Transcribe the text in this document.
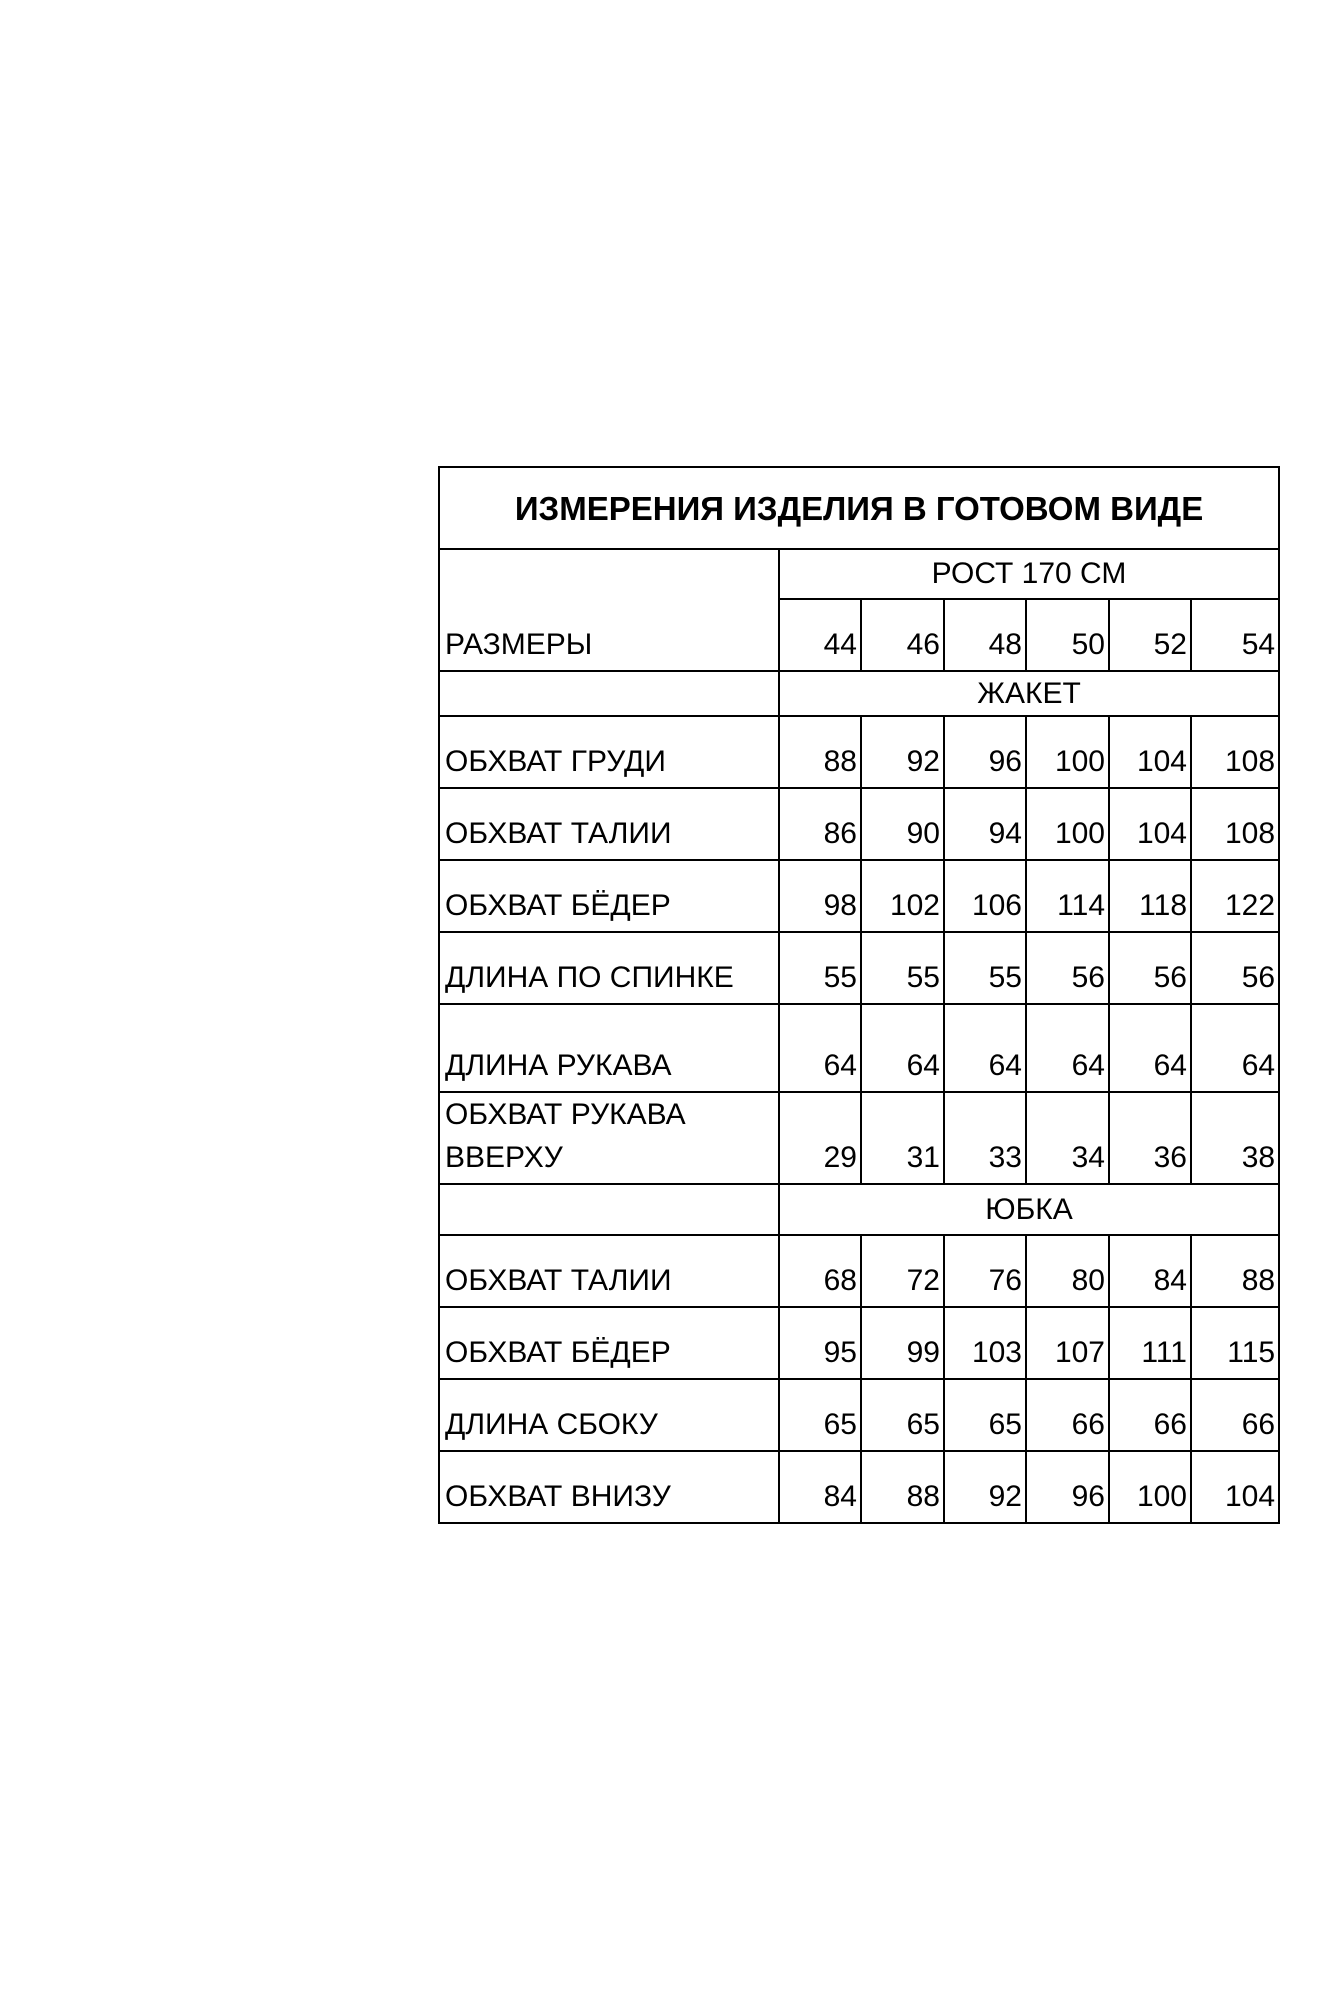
ИЗМЕРЕНИЯ ИЗДЕЛИЯ В ГОТОВОМ ВИДЕ						
РАЗМЕРЫ	РОСТ 170 СМ					
	44	46	48	50	52	54
	ЖАКЕТ					
ОБХВАТ ГРУДИ	88	92	96	100	104	108
ОБХВАТ ТАЛИИ	86	90	94	100	104	108
ОБХВАТ БЁДЕР	98	102	106	114	118	122
ДЛИНА ПО СПИНКЕ	55	55	55	56	56	56
ДЛИНА РУКАВА	64	64	64	64	64	64
ОБХВАТ РУКАВА ВВЕРХУ	29	31	33	34	36	38
	ЮБКА					
ОБХВАТ ТАЛИИ	68	72	76	80	84	88
ОБХВАТ БЁДЕР	95	99	103	107	111	115
ДЛИНА СБОКУ	65	65	65	66	66	66
ОБХВАТ ВНИЗУ	84	88	92	96	100	104
